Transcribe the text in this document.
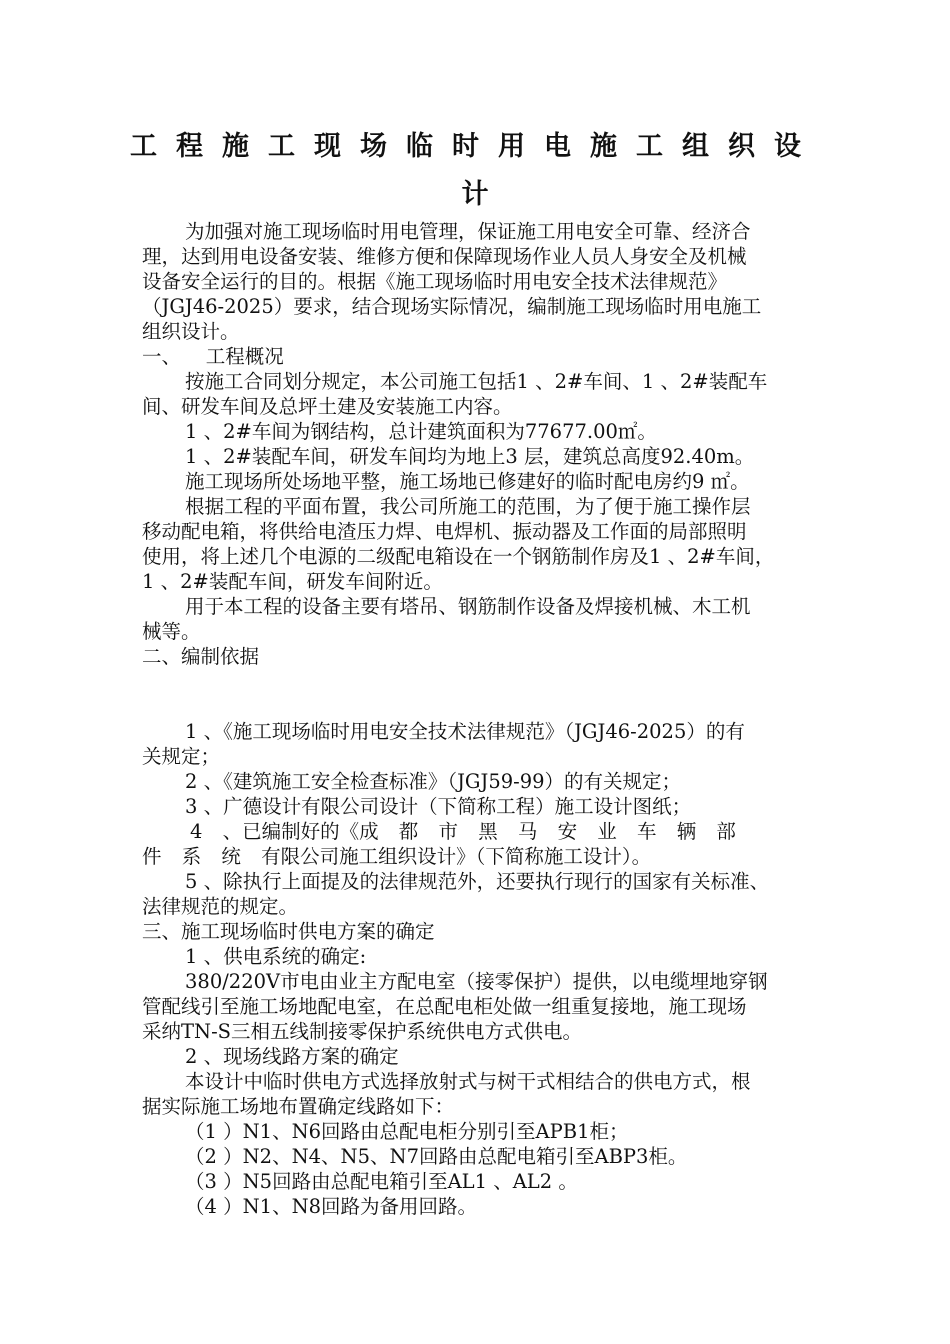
工程施工现场临时用电施工组织设
计
为加强对施工现场临时用电管理，保证施工用电安全可靠、经济合
理，达到用电设备安装、维修方便和保障现场作业人员人身安全及机械
设备安全运行的目的。根据《施工现场临时用电安全技术法律规范》
（JGJ46-2025）要求，结合现场实际情况，编制施工现场临时用电施工
组织设计。
一、    工程概况
按施工合同划分规定，本公司施工包括1 、2#车间、1 、2#装配车
间、研发车间及总坪土建及安装施工内容。
1 、2#车间为钢结构，总计建筑面积为77677.00㎡。
1 、2#装配车间，研发车间均为地上3 层，建筑总高度92.40m。
施工现场所处场地平整，施工场地已修建好的临时配电房约9 ㎡。
根据工程的平面布置，我公司所施工的范围，为了便于施工操作层
移动配电箱，将供给电渣压力焊、电焊机、振动器及工作面的局部照明
使用，将上述几个电源的二级配电箱设在一个钢筋制作房及1 、2#车间，
1 、2#装配车间，研发车间附近。
用于本工程的设备主要有塔吊、钢筋制作设备及焊接机械、木工机
械等。
二、编制依据
1 、《施工现场临时用电安全技术法律规范》（JGJ46-2025）的有
关规定；
2 、《建筑施工安全检查标准》（JGJ59-99）的有关规定；
3 、广德设计有限公司设计（下简称工程）施工设计图纸；
4 、已编制好的《成 都 市 黑 马 安 业 车 辆 部
件 系 统 有限公司施工组织设计》（下简称施工设计）。
5 、除执行上面提及的法律规范外，还要执行现行的国家有关标准、
法律规范的规定。
三、施工现场临时供电方案的确定
1 、供电系统的确定:
380/220V市电由业主方配电室（接零保护）提供，以电缆埋地穿钢
管配线引至施工场地配电室，在总配电柜处做一组重复接地，施工现场
采纳TN-S三相五线制接零保护系统供电方式供电。
2 、现场线路方案的确定
本设计中临时供电方式选择放射式与树干式相结合的供电方式，根
据实际施工场地布置确定线路如下：
（1 ）N1、N6回路由总配电柜分别引至APB1柜；
（2 ）N2、N4、N5、N7回路由总配电箱引至ABP3柜。
（3 ）N5回路由总配电箱引至AL1 、AL2 。
（4 ）N1、N8回路为备用回路。
